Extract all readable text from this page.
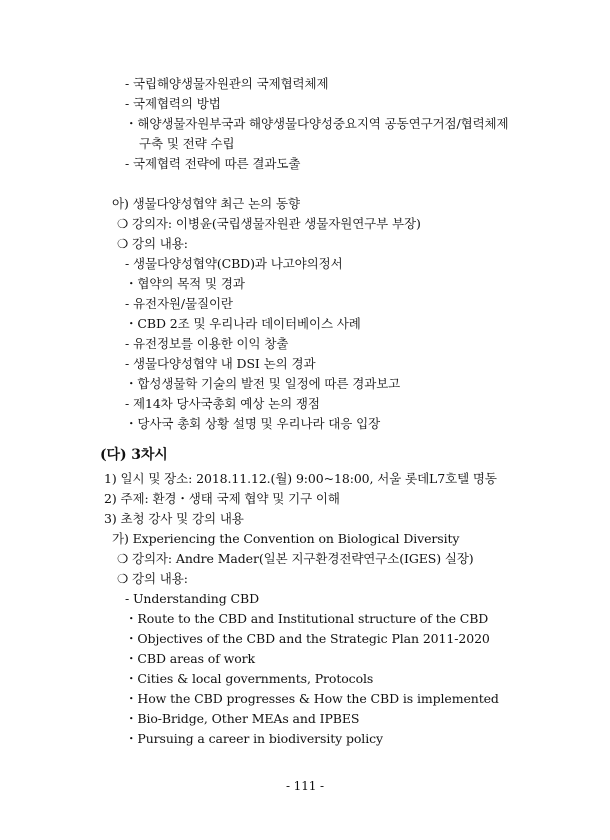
- 국립해양생물자원관의 국제협력체제
- 국제협력의 방법
・해양생물자원부국과 해양생물다양성중요지역 공동연구거점/협력체제
구축 및 전략 수립
- 국제협력 전략에 따른 결과도출
아) 생물다양성협약 최근 논의 동향
❍ 강의자: 이병윤(국립생물자원관 생물자원연구부 부장)
❍ 강의 내용:
- 생물다양성협약(CBD)과 나고야의정서
・협약의 목적 및 경과
- 유전자원/물질이란
・CBD 2조 및 우리나라 데이터베이스 사례
- 유전정보를 이용한 이익 창출
- 생물다양성협약 내 DSI 논의 경과
・합성생물학 기술의 발전 및 일정에 따른 경과보고
- 제14차 당사국총회 예상 논의 쟁점
・당사국 총회 상황 설명 및 우리나라 대응 입장
(다) 3차시
1) 일시 및 장소: 2018.11.12.(월) 9:00~18:00, 서울 롯데L7호텔 명동
2) 주제: 환경・생태 국제 협약 및 기구 이해
3) 초청 강사 및 강의 내용
가) Experiencing the Convention on Biological Diversity
❍ 강의자: Andre Mader(일본 지구환경전략연구소(IGES) 실장)
❍ 강의 내용:
- Understanding CBD
・Route to the CBD and Institutional structure of the CBD
・Objectives of the CBD and the Strategic Plan 2011-2020
・CBD areas of work
・Cities & local governments, Protocols
・How the CBD progresses & How the CBD is implemented
・Bio-Bridge, Other MEAs and IPBES
・Pursuing a career in biodiversity policy
- 111 -
